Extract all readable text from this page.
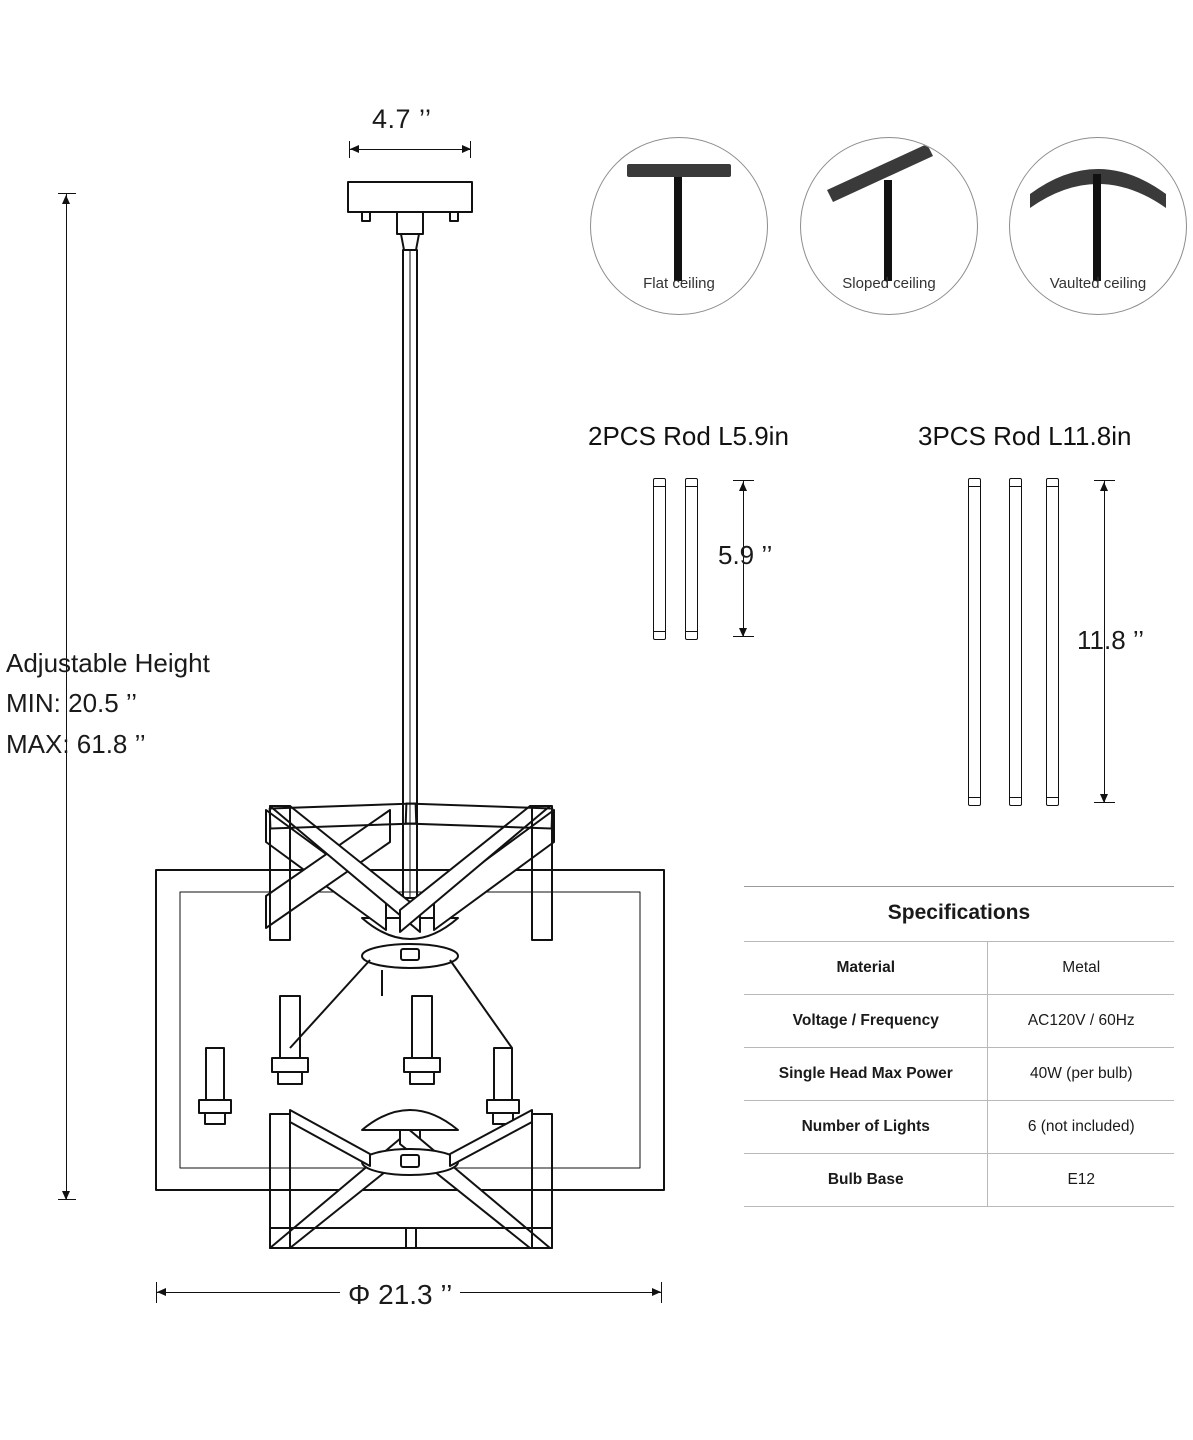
4.7 ’’
Adjustable Height
MIN: 20.5 ’’
MAX: 61.8 ’’
Φ 21.3 ’’
Flat ceiling	Sloped ceiling	Vaulted ceiling
2PCS Rod L5.9in
5.9 ’’
3PCS Rod L11.8in
11.8 ’’
Specifications	
Material	Metal
Voltage / Frequency	AC120V / 60Hz
Single Head Max Power	40W (per bulb)
Number of Lights	6 (not included)
Bulb Base	E12
